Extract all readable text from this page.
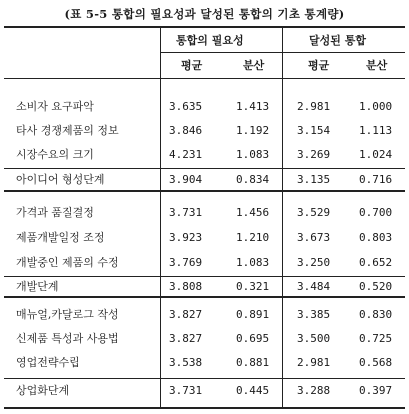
(표 5-5 통합의 필요성과 달성된 통합의 기초 통계량)
통합의 필요성	달성된 통합
평균	분산	평균	분산
소비자 요구파악	3.635	1.413	2.981	1.000
타사 경쟁제품의 정보	3.846	1.192	3.154	1.113
시장수요의 크기	4.231	1.083	3.269	1.024
아이디어 형성단계	3.904	0.834	3.135	0.716
가격과 품질결정	3.731	1.456	3.529	0.700
제품개발일정 조정	3.923	1.210	3.673	0.803
개발중인 제품의 수정	3.769	1.083	3.250	0.652
개발단계	3.808	0.321	3.484	0.520
매뉴얼,카달로그 작성	3.827	0.891	3.385	0.830
신제품 특성과 사용법	3.827	0.695	3.500	0.725
영업전략수립	3.538	0.881	2.981	0.568
상업화단계	3.731	0.445	3.288	0.397
